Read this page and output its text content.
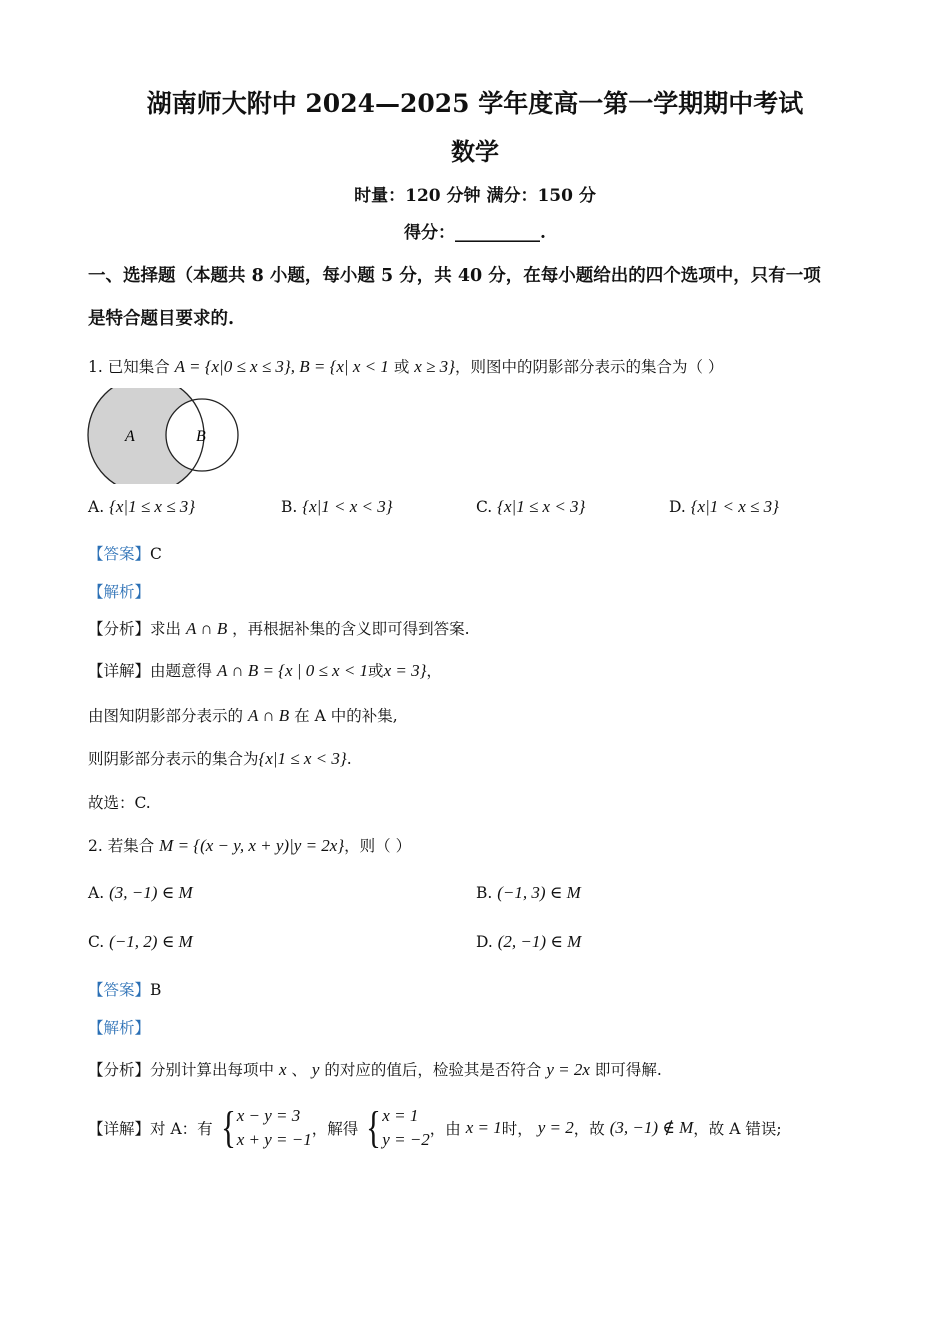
湖南师大附中 2024—2025 学年度高一第一学期期中考试
数学
时量：120 分钟 满分：150 分
得分：__________.
一、选择题（本题共 8 小题，每小题 5 分，共 40 分，在每小题给出的四个选项中，只有一项
是特合题目要求的.
1. 已知集合 A = {x|0 ≤ x ≤ 3}, B = {x| x < 1 或 x ≥ 3}，则图中的阴影部分表示的集合为（ ）
A	B
A. {x|1 ≤ x ≤ 3}	B. {x|1 < x < 3}	C. {x|1 ≤ x < 3}	D. {x|1 < x ≤ 3}
【答案】C
【解析】
【分析】求出 A ∩ B ，再根据补集的含义即可得到答案.
【详解】由题意得 A ∩ B = {x | 0 ≤ x < 1或x = 3}，
由图知阴影部分表示的 A ∩ B 在 A 中的补集,
则阴影部分表示的集合为{x|1 ≤ x < 3}.
故选：C.
2. 若集合 M = {(x − y, x + y)|y = 2x}，则（ ）
A. (3, −1) ∈ M	B. (−1, 3) ∈ M
C. (−1, 2) ∈ M	D. (2, −1) ∈ M
【答案】B
【解析】
【分析】分别计算出每项中 x 、 y 的对应的值后，检验其是否符合 y = 2x 即可得解.
【详解】对 A：有 { x − y = 3
x + y = −1
，解得 { x = 1
y = −2
，由 x = 1时， y = 2，故 (3, −1) ∉ M，故 A 错误;
